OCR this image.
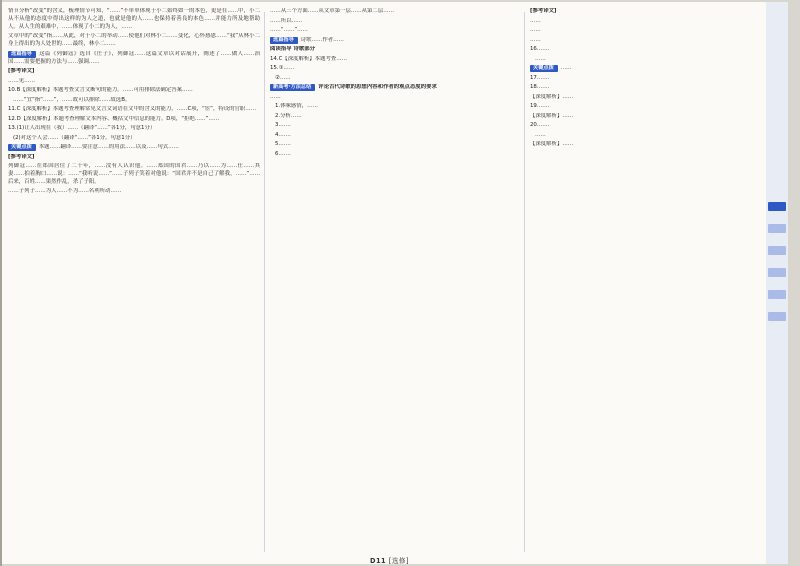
情节分析“改变”的含义，梳理情节可知，“……”不单单体现于小二始终如一的本色，更是在……中，小二从不从他的态度中得出这样的为人之道，也就是他的人……也保持着善良的本色……并能力所及地帮助人。从人生的艰难中，……体现了小二的为人，……

文章中的“改变”指……从此，对于小二的举动……使他们对林小二……变化，心怀感恩……“我”从林小二身上得出的为人处世的……最终，林小二……

选篇指导 这篇《列御寇》选自《庄子》，列御寇……这篇文章以对话展开，阐述了……做人……治国……需要把握的方法与……强调……

[参考译文]

……见……

10.B【深度解析】本题考查文言文断句的能力。……可用排除法确定答案……

……“宜”指“……”，……故可以排除……故选B。

11.C【深度解析】本题考查理解常见文言文词语在文中的含义的能力，……C项，“宦”，特设的官职……

12.D【深度解析】本题考查理解文本内容、概括文中信息的能力。D项，“拒绝……”……

13.(1)让人出现在（我）……（翻译“……”各1分，句意1分）

(2)对这个人会……（翻译“……”各1分，句意1分）

关键点拨 本题……翻译……要注意……的用法……以及……句式……

[参考译文]

列御寇……在郑国居住了二十年，……没有人认识他。……郑国的国君……乃以……为……仕……其妻……拍着胸口……说：……“我听说……”……子列子笑着对他说：“国君并不是自己了解我，……”……后来，百姓……果然作乱，杀了子阳。

……子列子……为人……不为……名利所动……

……从三个方面……从文章第一层……从第二层……

……所以……

……“……”……

选篇指导 诗歌……作者……

阅读指导 诗歌部分

14.C【深度解析】本题考查……

15.①……

②……

新高考·方法总结 评论古代诗歌的思想内容和作者的观点态度的要求

……

1.体味感情，……

2.分析……

3.……

4.……

5.……

6.……

[参考译文]

……

……

……

16.……

……

关键点拨 ……

17.……

18.……

【深度解析】……

19.……

【深度解析】……

20.……

……

【深度解析】……

D11 [选修]
